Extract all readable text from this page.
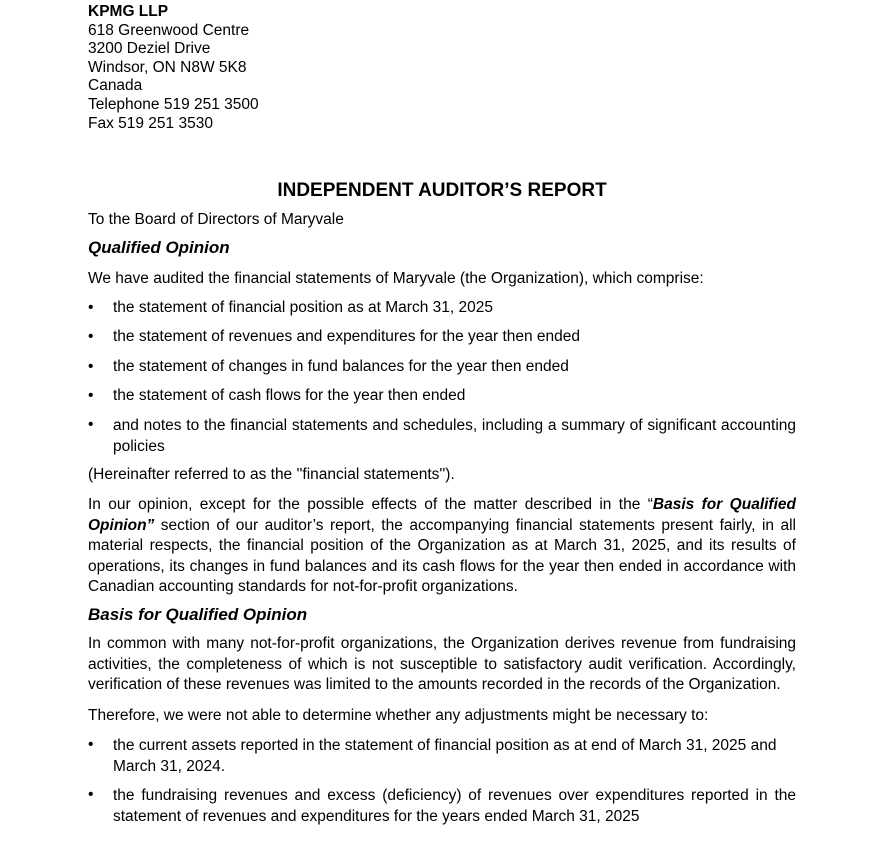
KPMG LLP
618 Greenwood Centre
3200 Deziel Drive
Windsor, ON N8W 5K8
Canada
Telephone 519 251 3500
Fax 519 251 3530
INDEPENDENT AUDITOR’S REPORT
To the Board of Directors of Maryvale
Qualified Opinion
We have audited the financial statements of Maryvale (the Organization), which comprise:
• the statement of financial position as at March 31, 2025
• the statement of revenues and expenditures for the year then ended
• the statement of changes in fund balances for the year then ended
• the statement of cash flows for the year then ended
• and notes to the financial statements and schedules, including a summary of significant accounting policies
(Hereinafter referred to as the ''financial statements'').
In our opinion, except for the possible effects of the matter described in the “Basis for Qualified Opinion” section of our auditor’s report, the accompanying financial statements present fairly, in all material respects, the financial position of the Organization as at March 31, 2025, and its results of operations, its changes in fund balances and its cash flows for the year then ended in accordance with Canadian accounting standards for not-for-profit organizations.
Basis for Qualified Opinion
In common with many not-for-profit organizations, the Organization derives revenue from fundraising activities, the completeness of which is not susceptible to satisfactory audit verification. Accordingly, verification of these revenues was limited to the amounts recorded in the records of the Organization.
Therefore, we were not able to determine whether any adjustments might be necessary to:
• the current assets reported in the statement of financial position as at end of March 31, 2025 and March 31, 2024.
• the fundraising revenues and excess (deficiency) of revenues over expenditures reported in the statement of revenues and expenditures for the years ended March 31, 2025
